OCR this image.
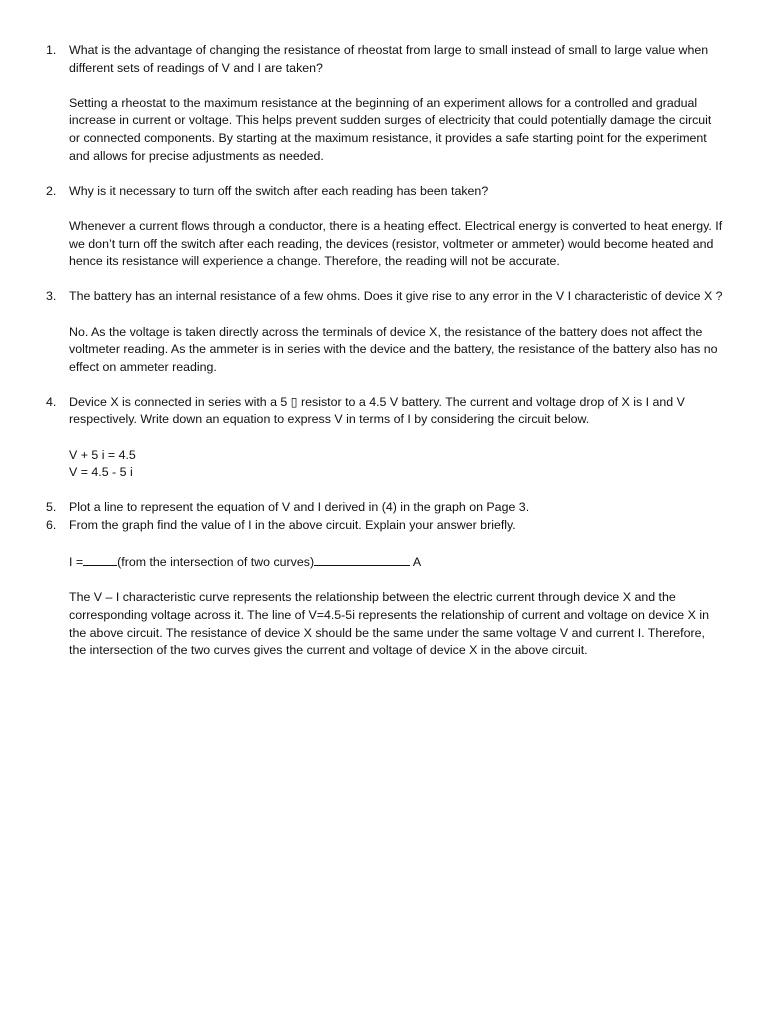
1.	What is the advantage of changing the resistance of rheostat from large to small instead of small to large value when different sets of readings of V and I are taken?

Setting a rheostat to the maximum resistance at the beginning of an experiment allows for a controlled and gradual increase in current or voltage. This helps prevent sudden surges of electricity that could potentially damage the circuit or connected components. By starting at the maximum resistance, it provides a safe starting point for the experiment and allows for precise adjustments as needed.

2.	Why is it necessary to turn off the switch after each reading has been taken?

Whenever a current flows through a conductor, there is a heating effect. Electrical energy is converted to heat energy. If we don’t turn off the switch after each reading, the devices (resistor, voltmeter or ammeter) would become heated and hence its resistance will experience a change. Therefore, the reading will not be accurate.

3.	The battery has an internal resistance of a few ohms. Does it give rise to any error in the V I characteristic of device X ?

No. As the voltage is taken directly across the terminals of device X, the resistance of the battery does not affect the voltmeter reading. As the ammeter is in series with the device and the battery, the resistance of the battery also has no effect on ammeter reading.

4.	Device X is connected in series with a 5 ▯ resistor to a 4.5 V battery. The current and voltage drop of X is I and V respectively. Write down an equation to express V in terms of I by considering the circuit below.

V + 5 i = 4.5

V = 4.5 - 5 i

5.	Plot a line to represent the equation of V and I derived in (4) in the graph on Page 3.

6.	From the graph find the value of I in the above circuit. Explain your answer briefly.

I =	(from the intersection of two curves)	A

The V – I characteristic curve represents the relationship between the electric current through device X and the corresponding voltage across it. The line of V=4.5-5i represents the relationship of current and voltage on device X in the above circuit. The resistance of device X should be the same under the same voltage V and current I. Therefore, the intersection of the two curves gives the current and voltage of device X in the above circuit.
